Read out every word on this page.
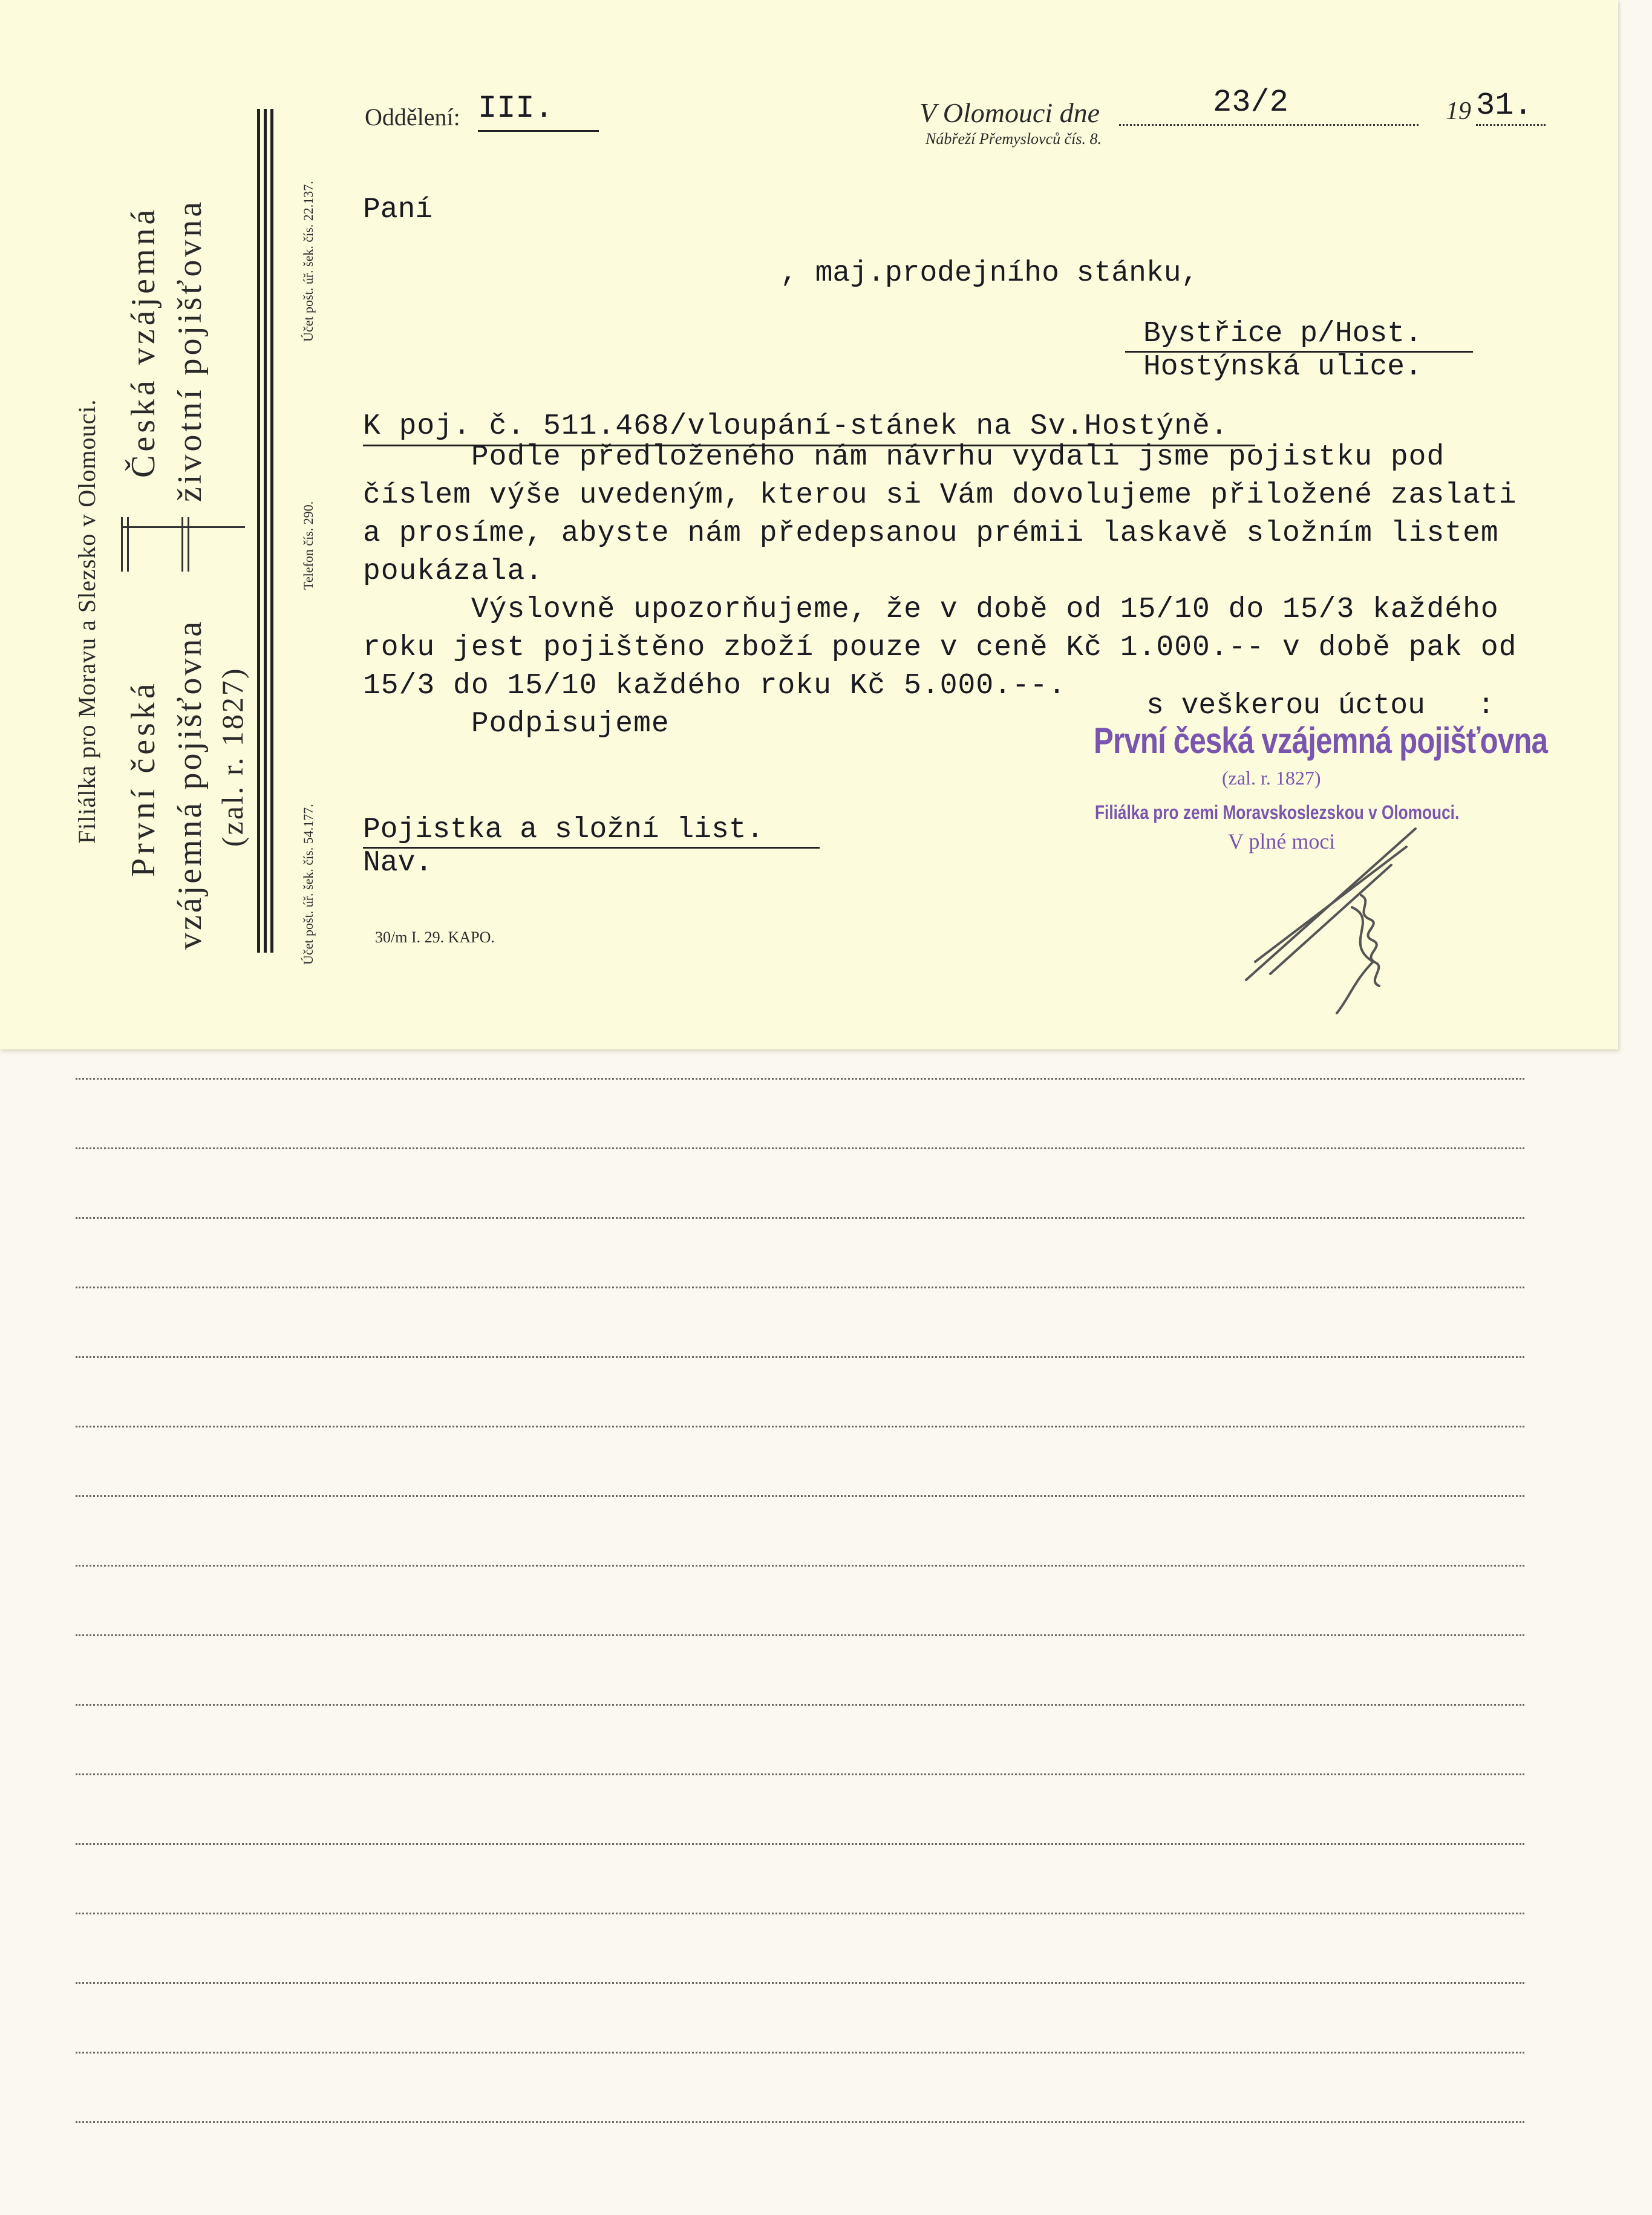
Filiálka pro Moravu a Slezsko v Olomouci. První česká vzájemná pojišťovna (zal. r. 1827)
Česká vzájemná životní pojišťovna	Účet pošt. úř. šek. čís. 22.137.
Telefon čís. 290.
Účet pošt. úř. šek. čís. 54.177.	30/m I. 29. KAPO.
Oddělení: III.	V Olomouci dne	23/2	19 31.
Nábřeží Přemyslovců čís. 8.
Paní
, maj.prodejního stánku,
Bystřice p/Host.
Hostýnská ulice.
K poj. č. 511.468/vloupání-stánek na Sv.Hostýně.
Podle předloženého nám návrhu vydali jsme pojistku pod
číslem výše uvedeným, kterou si Vám dovolujeme přiložené zaslati
a prosíme, abyste nám předepsanou prémii laskavě složním listem
poukázala.
Výslovně upozorňujeme, že v době od 15/10 do 15/3 každého
roku jest pojištěno zboží pouze v ceně Kč 1.000.-- v době pak od
15/3 do 15/10 každého roku Kč 5.000.--.
Podpisujeme
s veškerou úctou   :
První česká vzájemná pojišťovna
(zal. r. 1827)
Filiálka pro zemi Moravskoslezskou v Olomouci.
V plné moci
Pojistka a složní list.
Nav.
